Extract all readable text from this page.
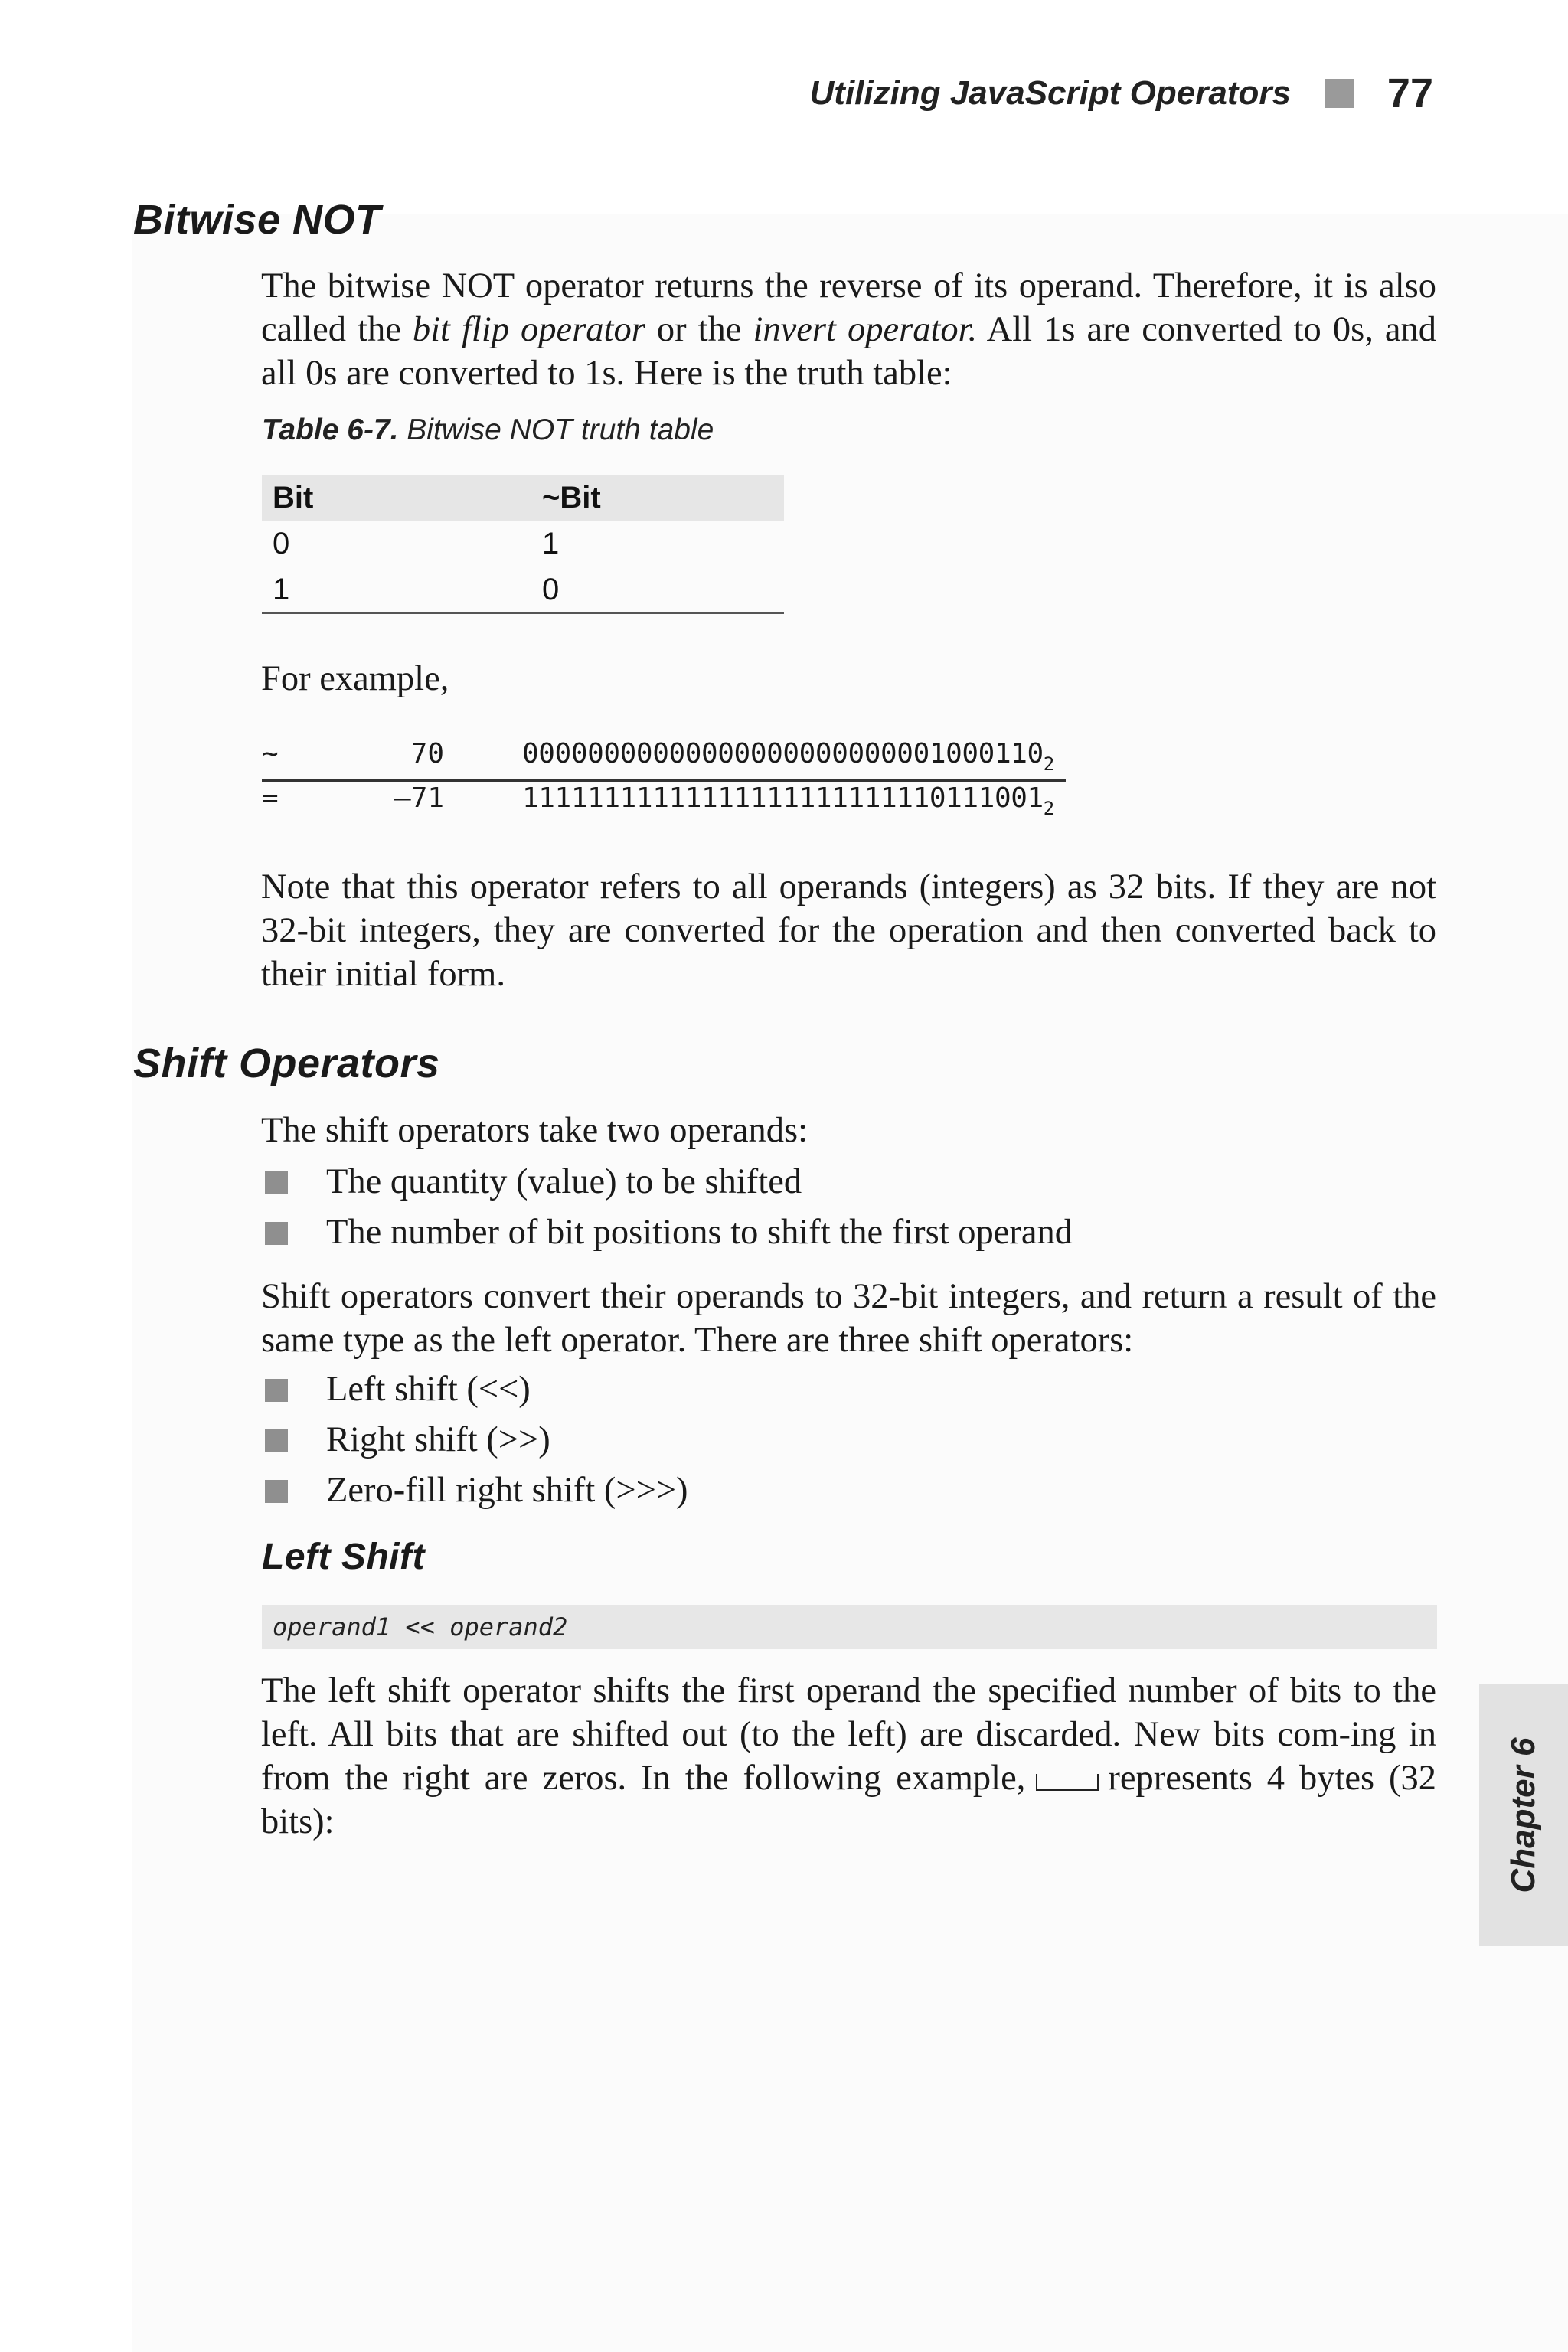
Utilizing JavaScript Operators 77
Bitwise NOT
The bitwise NOT operator returns the reverse of its operand. Therefore, it is also called the bit flip operator or the invert operator. All 1s are converted to 0s, and all 0s are converted to 1s. Here is the truth table:
Table 6-7. Bitwise NOT truth table
Bit	~Bit
0	1
1	0
For example,
~	70	$00000000000000000000000001000110_2$
=	–71	$11111111111111111111111110111001_2$
Note that this operator refers to all operands (integers) as 32 bits. If they are not 32-bit integers, they are converted for the operation and then converted back to their initial form.
Shift Operators
The shift operators take two operands:
The quantity (value) to be shifted
The number of bit positions to shift the first operand
Shift operators convert their operands to 32-bit integers, and return a result of the same type as the left operator. There are three shift operators:
Left shift (<<)
Right shift (>>)
Zero-fill right shift (>>>)
Left Shift
operand1 << operand2
The left shift operator shifts the first operand the specified number of bits to the left. All bits that are shifted out (to the left) are discarded. New bits com-ing in from the right are zeros. In the following example, represents 4 bytes (32 bits):	Chapter 6
